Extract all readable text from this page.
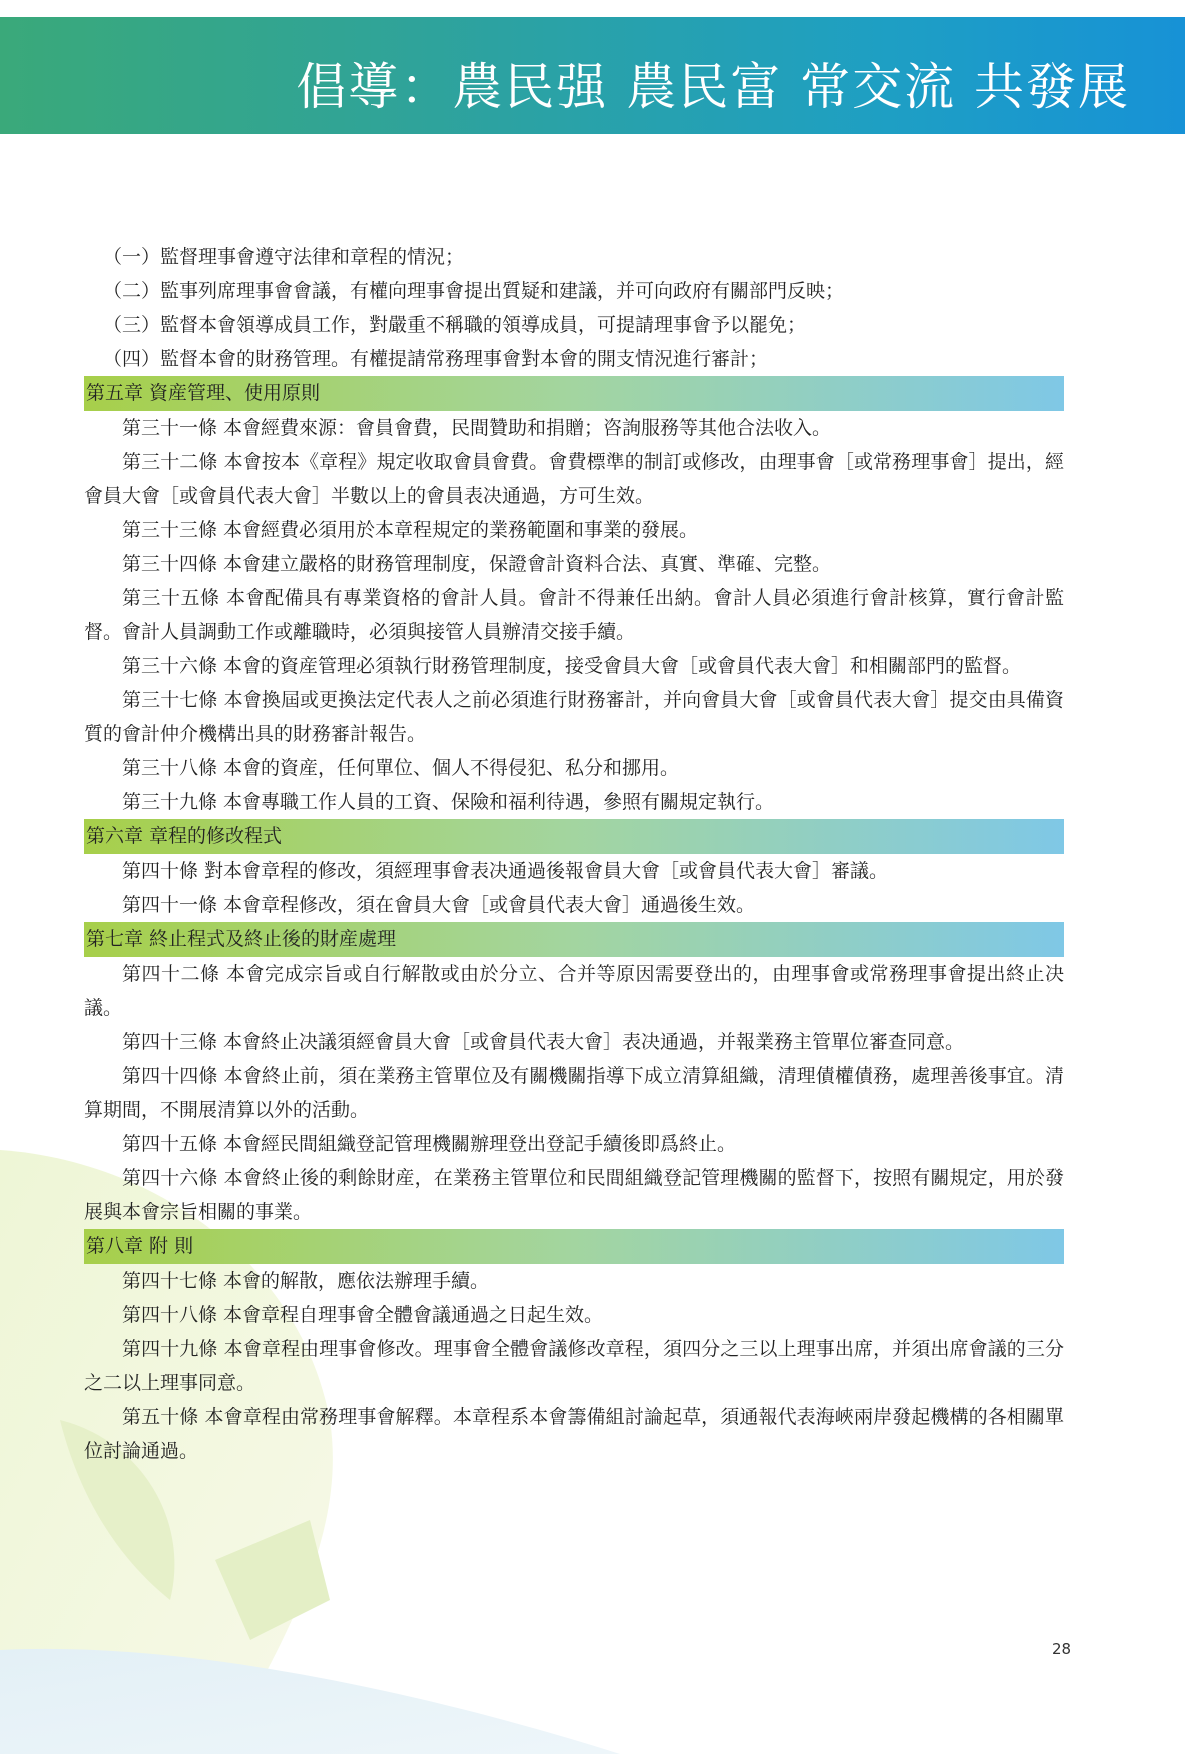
倡導：農民强 農民富 常交流 共發展

（一）監督理事會遵守法律和章程的情況；

（二）監事列席理事會會議，有權向理事會提出質疑和建議，并可向政府有關部門反映；

（三）監督本會領導成員工作，對嚴重不稱職的領導成員，可提請理事會予以罷免；

（四）監督本會的財務管理。有權提請常務理事會對本會的開支情況進行審計；

第五章 資産管理、使用原則

第三十一條 本會經費來源：會員會費，民間贊助和捐贈；咨詢服務等其他合法收入。

第三十二條 本會按本《章程》規定收取會員會費。會費標準的制訂或修改，由理事會［或常務理事會］提出，經會員大會［或會員代表大會］半數以上的會員表决通過，方可生效。

第三十三條 本會經費必須用於本章程規定的業務範圍和事業的發展。

第三十四條 本會建立嚴格的財務管理制度，保證會計資料合法、真實、準確、完整。

第三十五條 本會配備具有專業資格的會計人員。會計不得兼任出納。會計人員必須進行會計核算，實行會計監督。會計人員調動工作或離職時，必須與接管人員辦清交接手續。

第三十六條 本會的資産管理必須執行財務管理制度，接受會員大會［或會員代表大會］和相關部門的監督。

第三十七條 本會換屆或更換法定代表人之前必須進行財務審計，并向會員大會［或會員代表大會］提交由具備資質的會計仲介機構出具的財務審計報告。

第三十八條 本會的資産，任何單位、個人不得侵犯、私分和挪用。

第三十九條 本會專職工作人員的工資、保險和福利待遇，參照有關規定執行。

第六章 章程的修改程式

第四十條 對本會章程的修改，須經理事會表决通過後報會員大會［或會員代表大會］審議。

第四十一條 本會章程修改，須在會員大會［或會員代表大會］通過後生效。

第七章 終止程式及終止後的財産處理

第四十二條 本會完成宗旨或自行解散或由於分立、合并等原因需要登出的，由理事會或常務理事會提出終止决議。

第四十三條 本會終止决議須經會員大會［或會員代表大會］表决通過，并報業務主管單位審查同意。

第四十四條 本會終止前，須在業務主管單位及有關機關指導下成立清算組織，清理債權債務，處理善後事宜。清算期間，不開展清算以外的活動。

第四十五條 本會經民間組織登記管理機關辦理登出登記手續後即爲終止。

第四十六條 本會終止後的剩餘財産，在業務主管單位和民間組織登記管理機關的監督下，按照有關規定，用於發展與本會宗旨相關的事業。

第八章 附 則

第四十七條 本會的解散，應依法辦理手續。

第四十八條 本會章程自理事會全體會議通過之日起生效。

第四十九條 本會章程由理事會修改。理事會全體會議修改章程，須四分之三以上理事出席，并須出席會議的三分之二以上理事同意。

第五十條 本會章程由常務理事會解釋。本章程系本會籌備組討論起草，須通報代表海峽兩岸發起機構的各相關單位討論通過。

28
